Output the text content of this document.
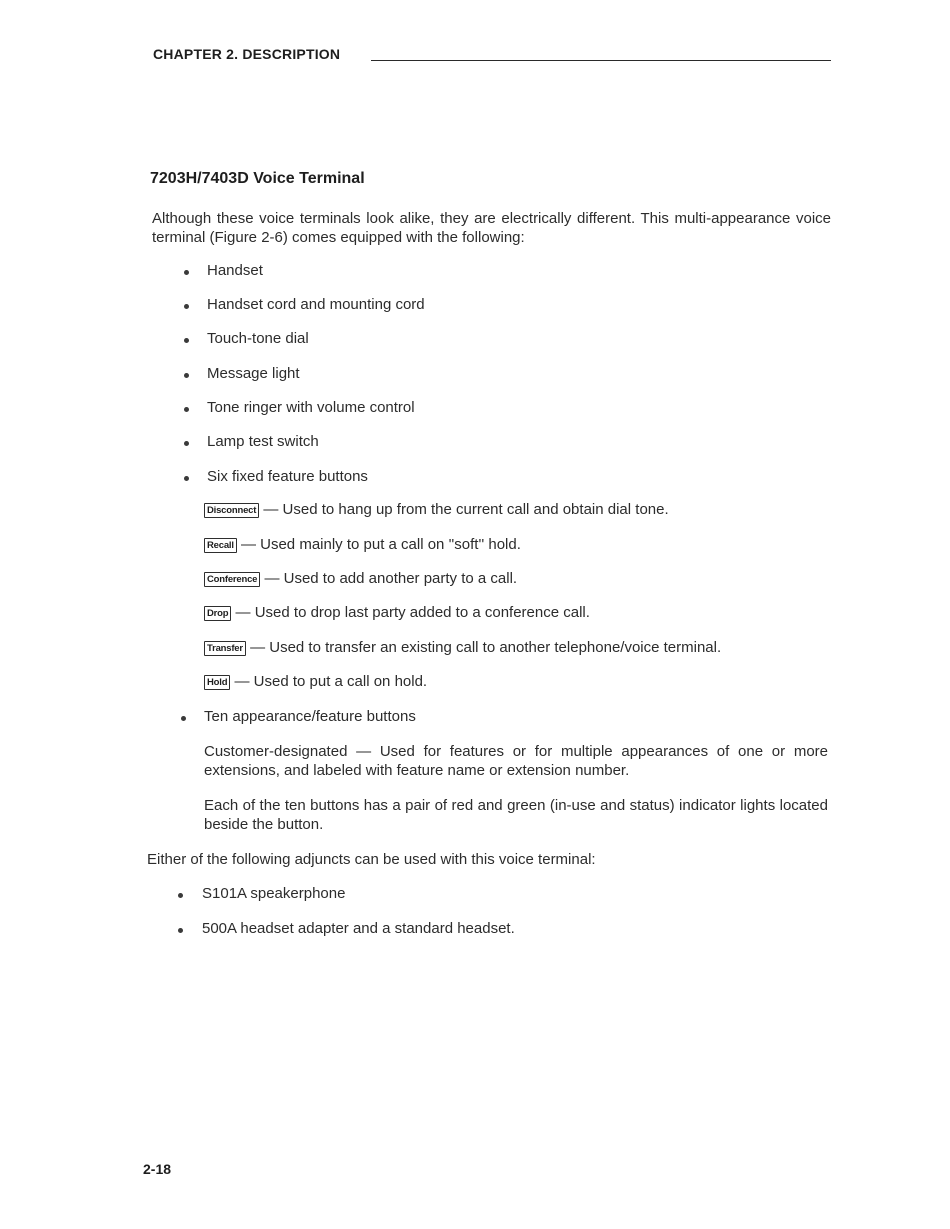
CHAPTER 2. DESCRIPTION
7203H/7403D Voice Terminal
Although these voice terminals look alike, they are electrically different. This multi-appearance voice terminal (Figure 2-6) comes equipped with the following:
Handset
Handset cord and mounting cord
Touch-tone dial
Message light
Tone ringer with volume control
Lamp test switch
Six fixed feature buttons
Disconnect — Used to hang up from the current call and obtain dial tone.
Recall — Used mainly to put a call on ''soft'' hold.
Conference — Used to add another party to a call.
Drop — Used to drop last party added to a conference call.
Transfer — Used to transfer an existing call to another telephone/voice terminal.
Hold — Used to put a call on hold.
Ten appearance/feature buttons
Customer-designated — Used for features or for multiple appearances of one or more extensions, and labeled with feature name or extension number.
Each of the ten buttons has a pair of red and green (in-use and status) indicator lights located beside the button.
Either of the following adjuncts can be used with this voice terminal:
S101A speakerphone
500A headset adapter and a standard headset.
2-18
